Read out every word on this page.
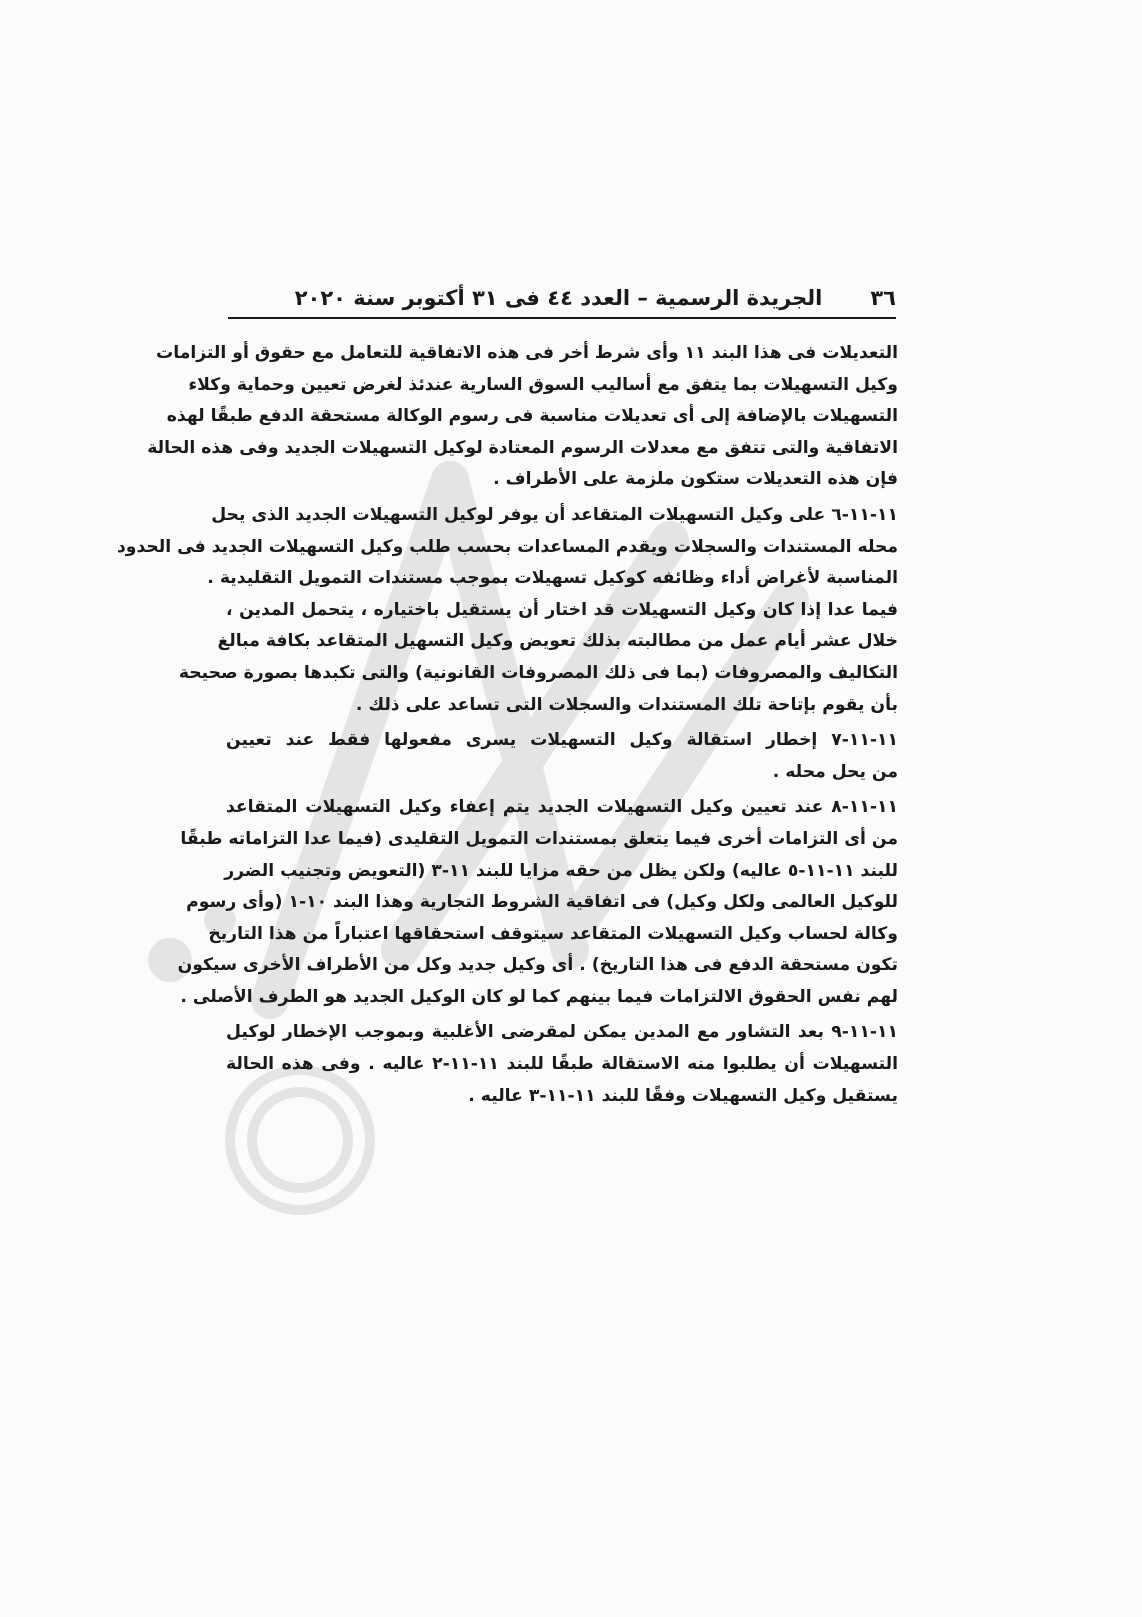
٣٦
الجريدة الرسمية – العدد ٤٤ فى ٣١ أكتوبر سنة ٢٠٢٠
التعديلات فى هذا البند ١١ وأى شرط أخر فى هذه الاتفاقية للتعامل مع حقوق أو التزامات
وكيل التسهيلات بما يتفق مع أساليب السوق السارية عندئذ لغرض تعيين وحماية وكلاء
التسهيلات بالإضافة إلى أى تعديلات مناسبة فى رسوم الوكالة مستحقة الدفع طبقًا لهذه
الاتفاقية والتى تتفق مع معدلات الرسوم المعتادة لوكيل التسهيلات الجديد وفى هذه الحالة
فإن هذه التعديلات ستكون ملزمة على الأطراف .
١١-١١-٦ على وكيل التسهيلات المتقاعد أن يوفر لوكيل التسهيلات الجديد الذى يحل
محله المستندات والسجلات ويقدم المساعدات بحسب طلب وكيل التسهيلات الجديد فى الحدود
المناسبة لأغراض أداء وظائفه كوكيل تسهيلات بموجب مستندات التمويل التقليدية .
فيما عدا إذا كان وكيل التسهيلات قد اختار أن يستقيل باختياره ، يتحمل المدين ،
خلال عشر أيام عمل من مطالبته بذلك تعويض وكيل التسهيل المتقاعد بكافة مبالغ
التكاليف والمصروفات (بما فى ذلك المصروفات القانونية) والتى تكبدها بصورة صحيحة
بأن يقوم بإتاحة تلك المستندات والسجلات التى تساعد على ذلك .
١١-١١-٧ إخطار استقالة وكيل التسهيلات يسرى مفعولها فقط عند تعيين
من يحل محله .
١١-١١-٨ عند تعيين وكيل التسهيلات الجديد يتم إعفاء وكيل التسهيلات المتقاعد
من أى التزامات أخرى فيما يتعلق بمستندات التمويل التقليدى (فيما عدا التزاماته طبقًا
للبند ١١-١١-٥ عاليه) ولكن يظل من حقه مزايا للبند ١١-٣ (التعويض وتجنيب الضرر
للوكيل العالمى ولكل وكيل) فى اتفاقية الشروط التجارية وهذا البند ١٠-١ (وأى رسوم
وكالة لحساب وكيل التسهيلات المتقاعد سيتوقف استحقاقها اعتباراً من هذا التاريخ
تكون مستحقة الدفع فى هذا التاريخ) . أى وكيل جديد وكل من الأطراف الأخرى سيكون
لهم نفس الحقوق الالتزامات فيما بينهم كما لو كان الوكيل الجديد هو الطرف الأصلى .
١١-١١-٩ بعد التشاور مع المدين يمكن لمقرضى الأغلبية وبموجب الإخطار لوكيل
التسهيلات أن يطلبوا منه الاستقالة طبقًا للبند ١١-١١-٢ عاليه . وفى هذه الحالة
يستقيل وكيل التسهيلات وفقًا للبند ١١-١١-٣ عاليه .
